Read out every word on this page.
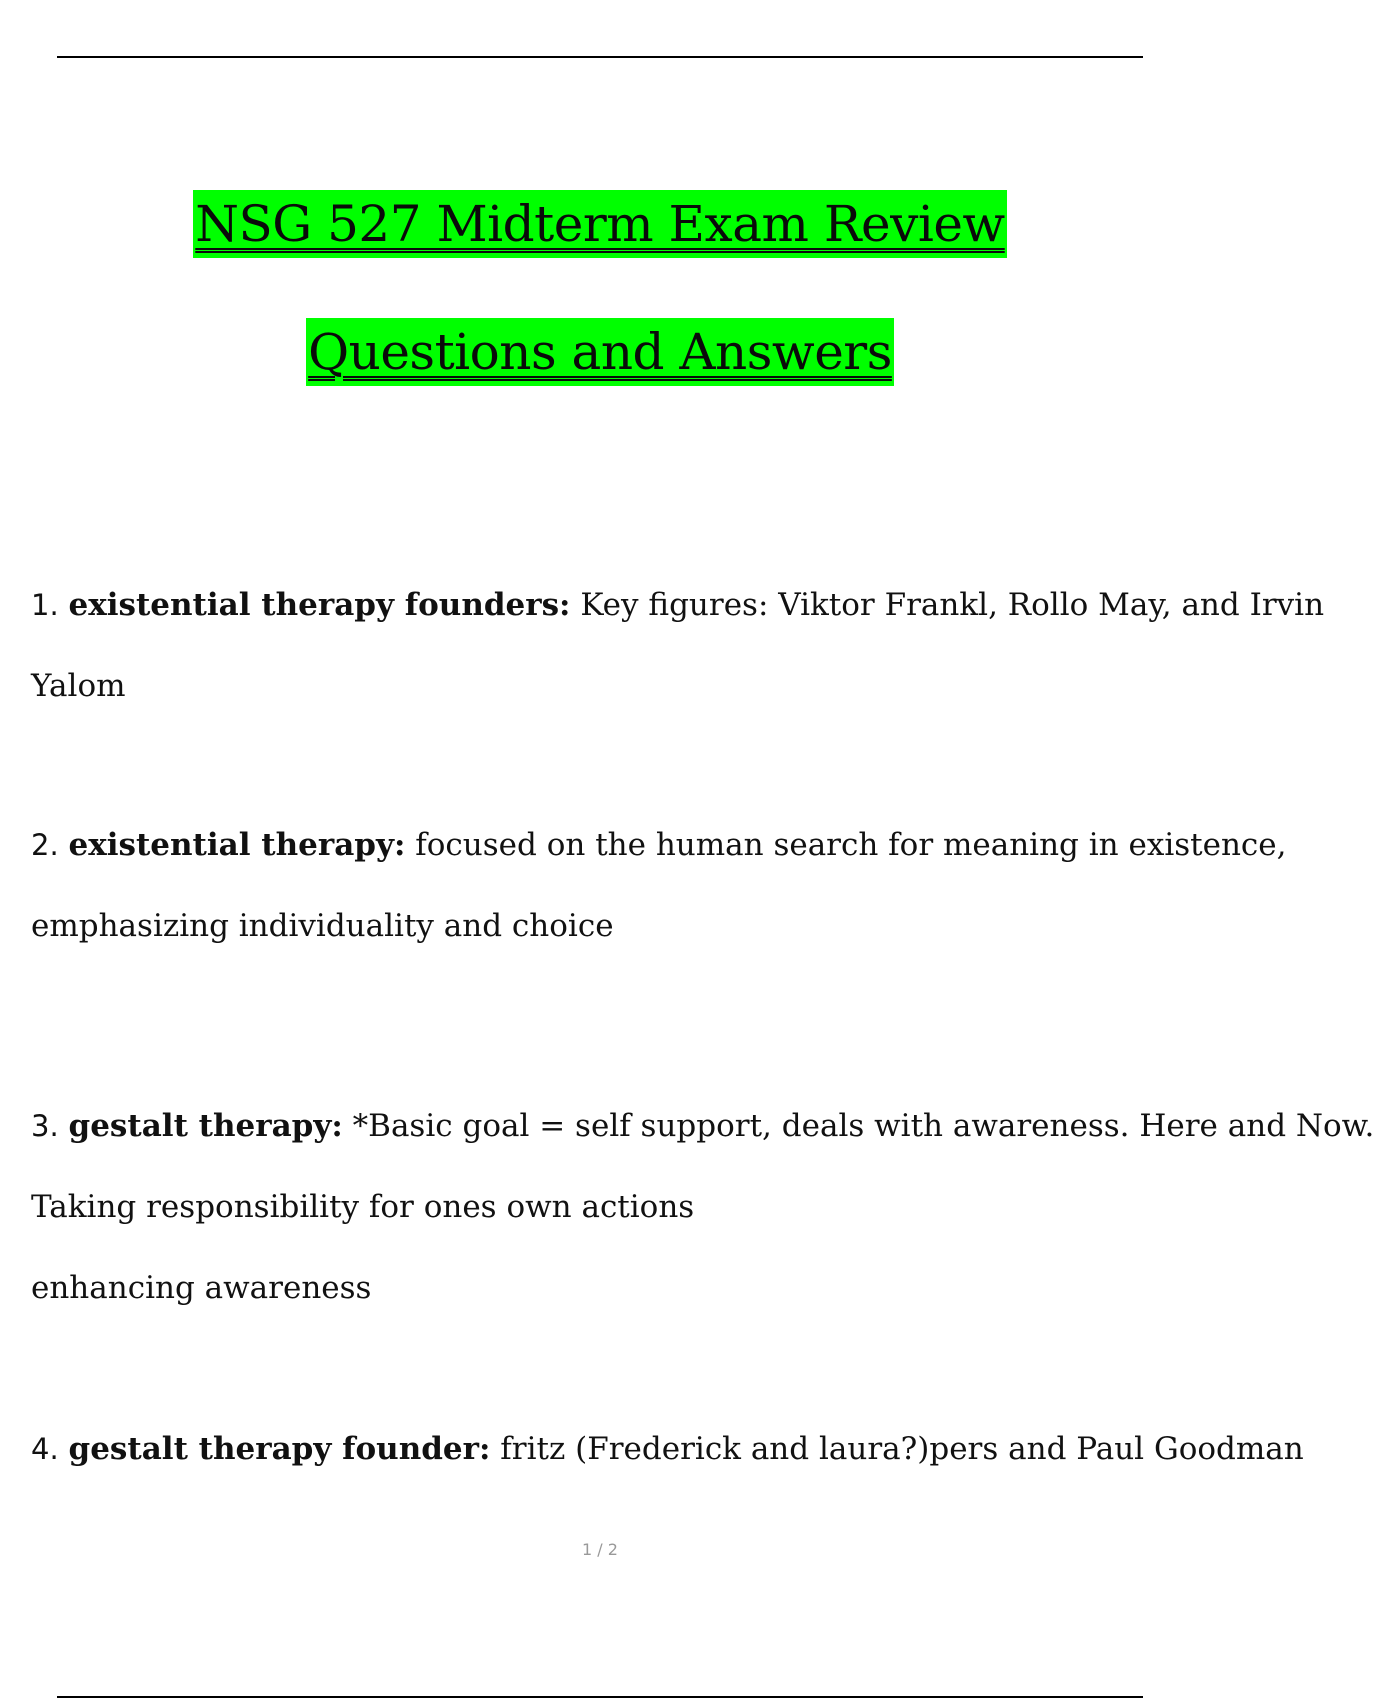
NSG 527 Midterm Exam Review
Questions and Answers
1. existential therapy founders: Key figures: Viktor Frankl, Rollo May, and Irvin
Yalom
2. existential therapy: focused on the human search for meaning in existence,
emphasizing individuality and choice
3. gestalt therapy: *Basic goal = self support, deals with awareness. Here and Now.
Taking responsibility for ones own actions
enhancing awareness
4. gestalt therapy founder: fritz (Frederick and laura?)pers and Paul Goodman
1 / 2
